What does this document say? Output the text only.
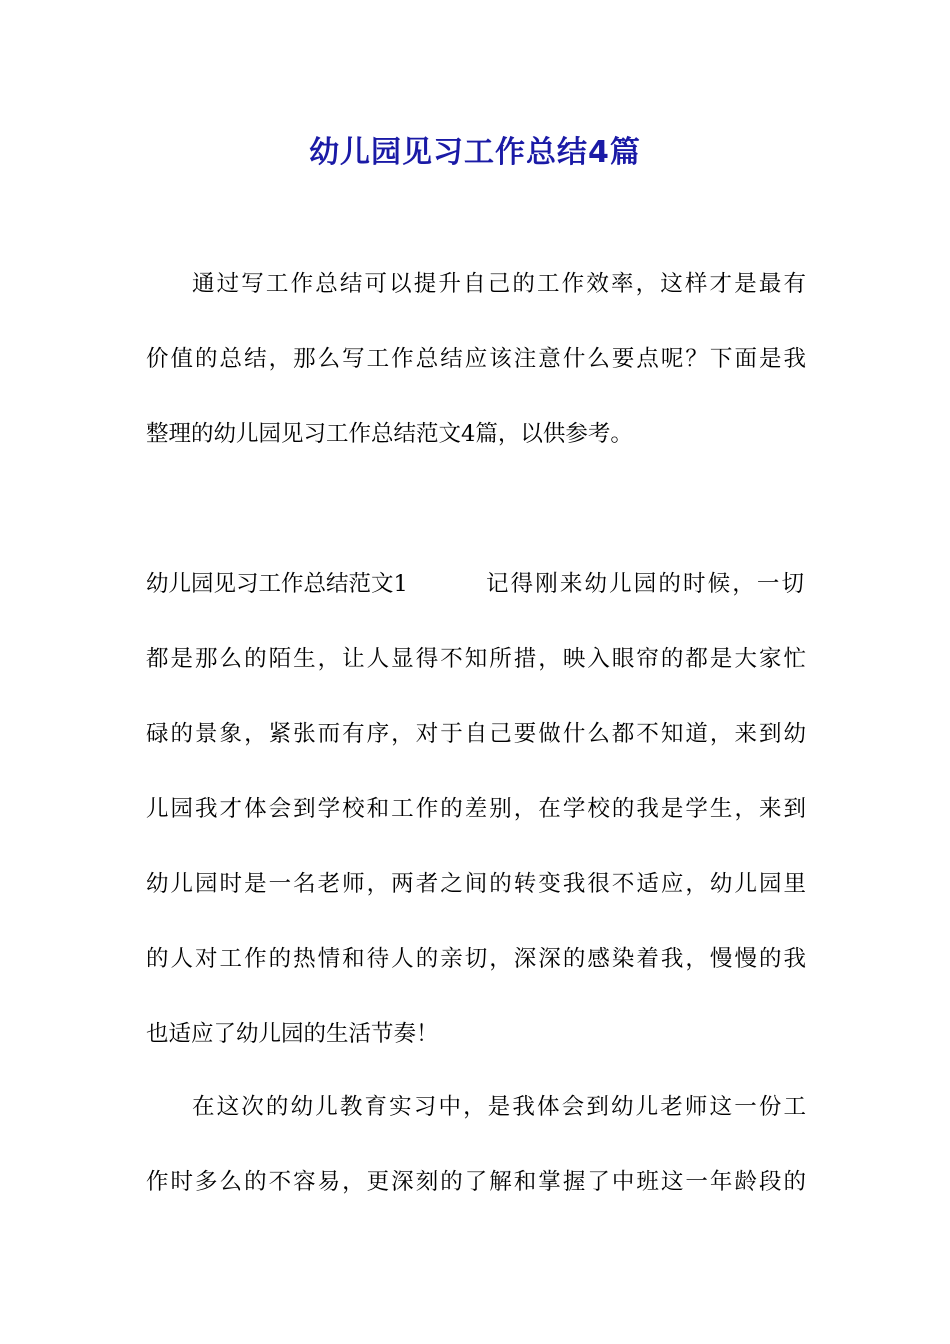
幼儿园见习工作总结4篇
通过写工作总结可以提升自己的工作效率，这样才是最有
价值的总结，那么写工作总结应该注意什么要点呢？下面是我
整理的幼儿园见习工作总结范文4篇，以供参考。
幼儿园见习工作总结范文1	记得刚来幼儿园的时候，一切
都是那么的陌生，让人显得不知所措，映入眼帘的都是大家忙
碌的景象，紧张而有序，对于自己要做什么都不知道，来到幼
儿园我才体会到学校和工作的差别，在学校的我是学生，来到
幼儿园时是一名老师，两者之间的转变我很不适应，幼儿园里
的人对工作的热情和待人的亲切，深深的感染着我，慢慢的我
也适应了幼儿园的生活节奏！
在这次的幼儿教育实习中，是我体会到幼儿老师这一份工
作时多么的不容易，更深刻的了解和掌握了中班这一年龄段的
